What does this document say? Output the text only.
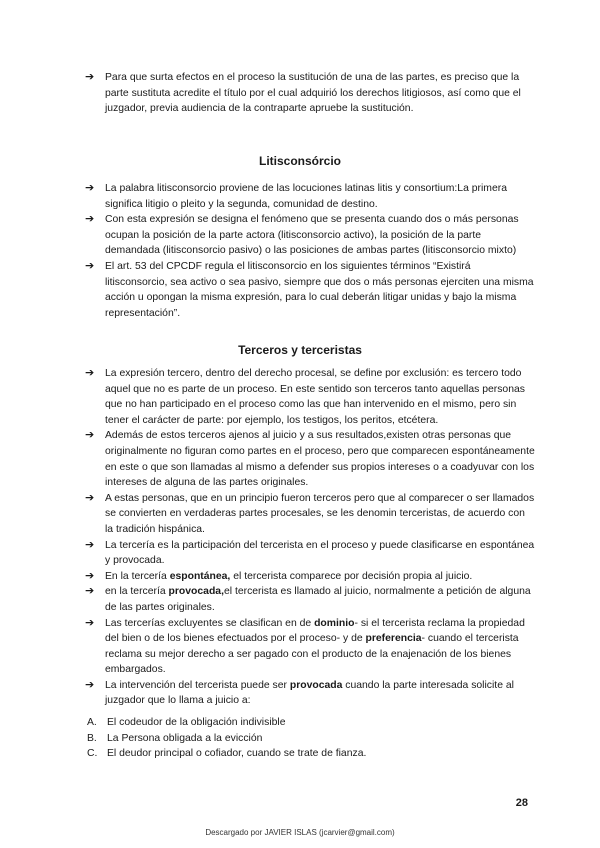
➔	Para que surta efectos en el proceso la sustitución de una de las partes, es preciso que la parte sustituta acredite el título por el cual adquirió los derechos litigiosos, así como que el juzgador, previa audiencia de la contraparte apruebe la sustitución.
Litisconsórcio
➔	La palabra litisconsorcio proviene de las locuciones latinas litis y consortium:La primera significa litigio o pleito y la segunda, comunidad de destino.
➔	Con esta expresión se designa el fenómeno que se presenta cuando dos o más personas ocupan la posición de la parte actora (litisconsorcio activo), la posición de la parte demandada (litisconsorcio pasivo) o las posiciones de ambas partes (litisconsorcio mixto)
➔	El art. 53 del CPCDF regula el litisconsorcio en los siguientes términos “Existirá litisconsorcio, sea activo o sea pasivo, siempre que dos o más personas ejerciten una misma acción u opongan la misma expresión, para lo cual deberán litigar unidas y bajo la misma representación”.
Terceros y terceristas
➔	La expresión tercero, dentro del derecho procesal, se define por exclusión: es tercero todo aquel que no es parte de un proceso. En este sentido son terceros tanto aquellas personas que no han participado en el proceso como las que han intervenido en el mismo, pero sin tener el carácter de parte: por ejemplo, los testigos, los peritos, etcétera.
➔	Además de estos terceros ajenos al juicio y a sus resultados,existen otras personas que originalmente no figuran como partes en el proceso, pero que comparecen espontáneamente en este o que son llamadas al mismo a defender sus propios intereses o a coadyuvar con los intereses de alguna de las partes originales.
➔	A estas personas, que en un principio fueron terceros pero que al comparecer o ser llamados se convierten en verdaderas partes procesales, se les denomin terceristas, de acuerdo con la tradición hispánica.
➔	La tercería es la participación del tercerista en el proceso y puede clasificarse en espontánea y provocada.
➔	En la tercería espontánea, el tercerista comparece por decisión propia al juicio.
➔	en la tercería provocada,el tercerista es llamado al juicio, normalmente a petición de alguna de las partes originales.
➔	Las tercerías excluyentes se clasifican en de dominio- si el tercerista reclama la propiedad del bien o de los bienes efectuados por el proceso- y de preferencia- cuando el tercerista reclama su mejor derecho a ser pagado con el producto de la enajenación de los bienes embargados.
➔	La intervención del tercerista puede ser provocada cuando la parte interesada solicite al juzgador que lo llama a juicio a:
A. El codeudor de la obligación indivisible
B. La Persona obligada a la evicción
C. El deudor principal o cofiador, cuando se trate de fianza.
28
Descargado por JAVIER ISLAS (jcarvier@gmail.com)
